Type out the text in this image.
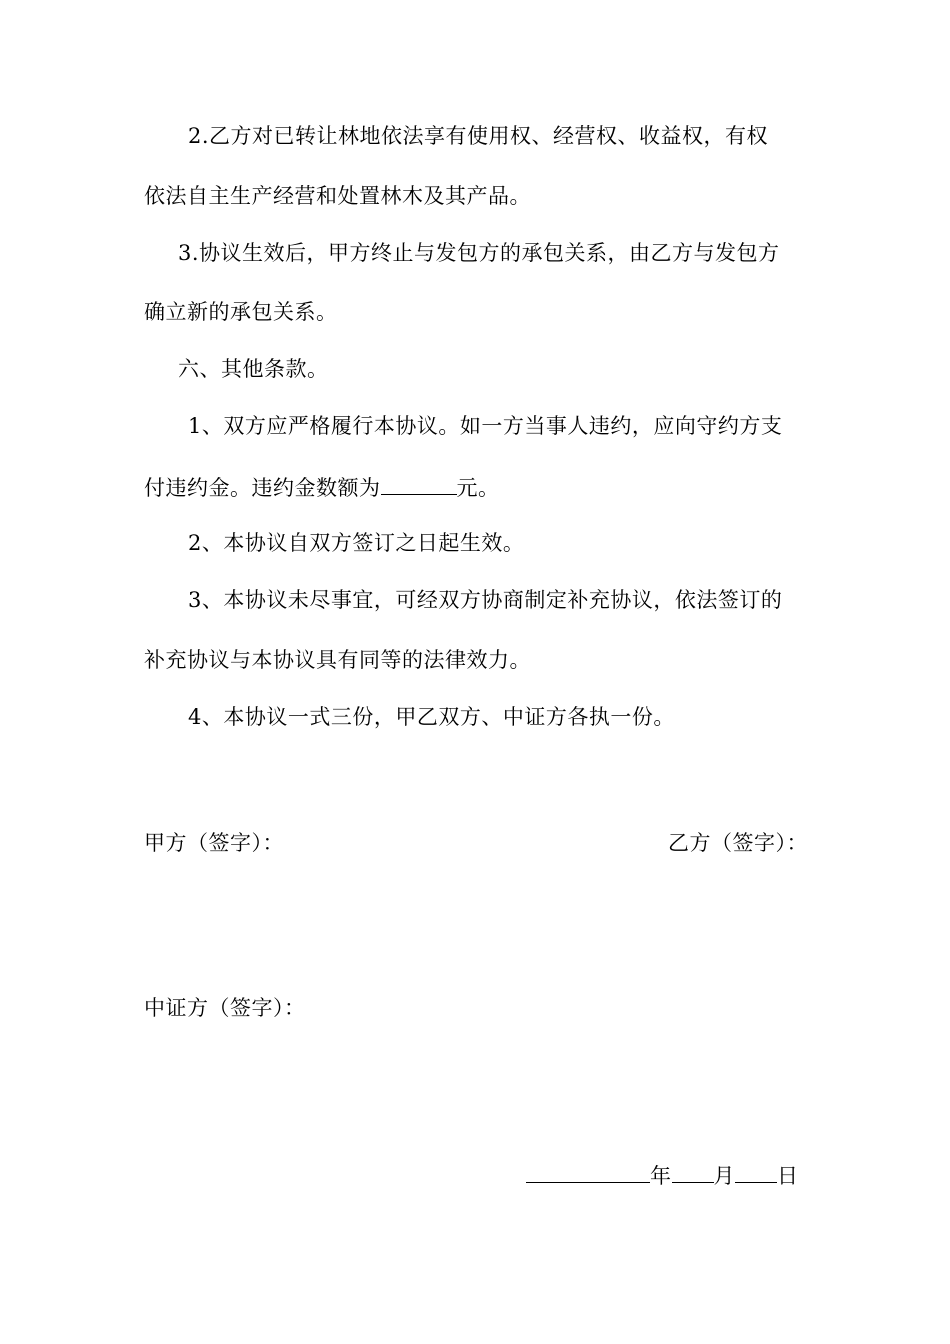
2.乙方对已转让林地依法享有使用权、经营权、收益权，有权
依法自主生产经营和处置林木及其产品。
3.协议生效后，甲方终止与发包方的承包关系，由乙方与发包方
确立新的承包关系。
六、其他条款。
1、双方应严格履行本协议。如一方当事人违约，应向守约方支
付违约金。违约金数额为	元。
2、本协议自双方签订之日起生效。
3、本协议未尽事宜，可经双方协商制定补充协议，依法签订的
补充协议与本协议具有同等的法律效力。
4、本协议一式三份，甲乙双方、中证方各执一份。
甲方（签字）：	乙方（签字）：
中证方（签字）：
年 月 日
